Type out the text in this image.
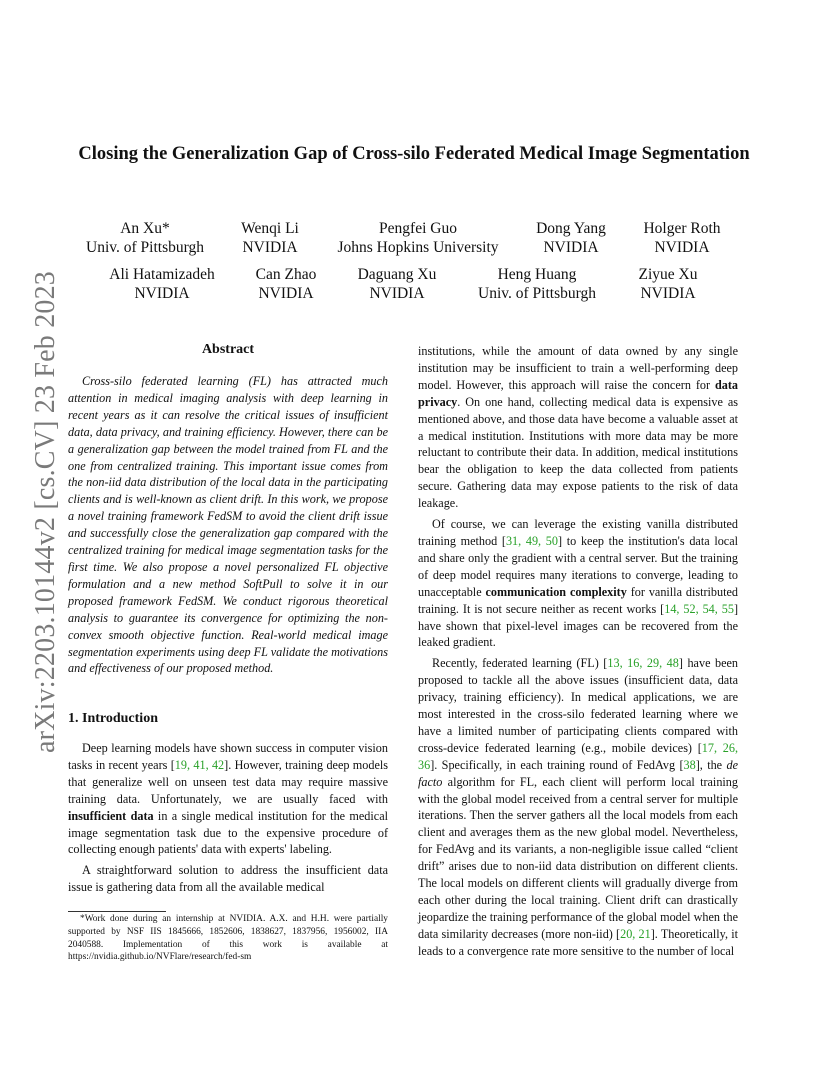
arXiv:2203.10144v2 [cs.CV] 23 Feb 2023
Closing the Generalization Gap of Cross-silo Federated Medical Image Segmentation
An Xu*
Univ. of Pittsburgh
Wenqi Li
NVIDIA
Pengfei Guo
Johns Hopkins University
Dong Yang
NVIDIA
Holger Roth
NVIDIA
Ali Hatamizadeh
NVIDIA
Can Zhao
NVIDIA
Daguang Xu
NVIDIA
Heng Huang
Univ. of Pittsburgh
Ziyue Xu
NVIDIA
Abstract

Cross-silo federated learning (FL) has attracted much attention in medical imaging analysis with deep learning in recent years as it can resolve the critical issues of insufficient data, data privacy, and training efficiency. However, there can be a generalization gap between the model trained from FL and the one from centralized training. This important issue comes from the non-iid data distribution of the local data in the participating clients and is well-known as client drift. In this work, we propose a novel training framework FedSM to avoid the client drift issue and successfully close the generalization gap compared with the centralized training for medical image segmentation tasks for the first time. We also propose a novel personalized FL objective formulation and a new method SoftPull to solve it in our proposed framework FedSM. We conduct rigorous theoretical analysis to guarantee its convergence for optimizing the non-convex smooth objective function. Real-world medical image segmentation experiments using deep FL validate the motivations and effectiveness of our proposed method.

1. Introduction

Deep learning models have shown success in computer vision tasks in recent years [19, 41, 42]. However, training deep models that generalize well on unseen test data may require massive training data. Unfortunately, we are usually faced with insufficient data in a single medical institution for the medical image segmentation task due to the expensive procedure of collecting enough patients' data with experts' labeling.

A straightforward solution to address the insufficient data issue is gathering data from all the available medical

*Work done during an internship at NVIDIA. A.X. and H.H. were partially supported by NSF IIS 1845666, 1852606, 1838627, 1837956, 1956002, IIA 2040588. Implementation of this work is available at https://nvidia.github.io/NVFlare/research/fed-sm

institutions, while the amount of data owned by any single institution may be insufficient to train a well-performing deep model. However, this approach will raise the concern for data privacy. On one hand, collecting medical data is expensive as mentioned above, and those data have become a valuable asset at a medical institution. Institutions with more data may be more reluctant to contribute their data. In addition, medical institutions bear the obligation to keep the data collected from patients secure. Gathering data may expose patients to the risk of data leakage.

Of course, we can leverage the existing vanilla distributed training method [31, 49, 50] to keep the institution's data local and share only the gradient with a central server. But the training of deep model requires many iterations to converge, leading to unacceptable communication complexity for vanilla distributed training. It is not secure neither as recent works [14, 52, 54, 55] have shown that pixel-level images can be recovered from the leaked gradient.

Recently, federated learning (FL) [13, 16, 29, 48] have been proposed to tackle all the above issues (insufficient data, data privacy, training efficiency). In medical applications, we are most interested in the cross-silo federated learning where we have a limited number of participating clients compared with cross-device federated learning (e.g., mobile devices) [17, 26, 36]. Specifically, in each training round of FedAvg [38], the de facto algorithm for FL, each client will perform local training with the global model received from a central server for multiple iterations. Then the server gathers all the local models from each client and averages them as the new global model. Nevertheless, for FedAvg and its variants, a non-negligible issue called “client drift” arises due to non-iid data distribution on different clients. The local models on different clients will gradually diverge from each other during the local training. Client drift can drastically jeopardize the training performance of the global model when the data similarity decreases (more non-iid) [20, 21]. Theoretically, it leads to a convergence rate more sensitive to the number of local
